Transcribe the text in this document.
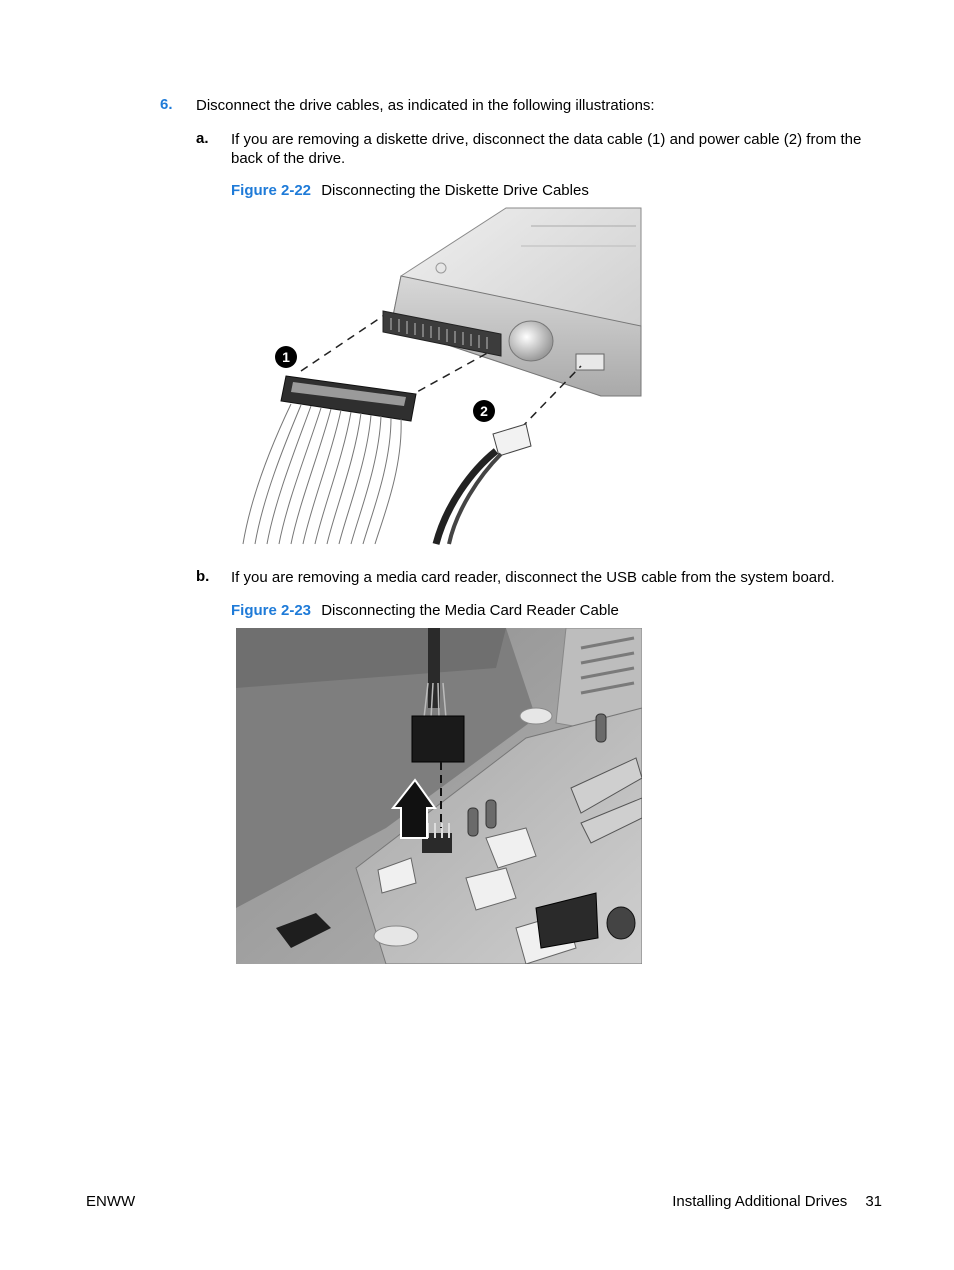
6. Disconnect the drive cables, as indicated in the following illustrations:
a. If you are removing a diskette drive, disconnect the data cable (1) and power cable (2) from the back of the drive.
Figure 2-22 Disconnecting the Diskette Drive Cables
1
2
b. If you are removing a media card reader, disconnect the USB cable from the system board.
Figure 2-23 Disconnecting the Media Card Reader Cable
ENWW	Installing Additional Drives 31
